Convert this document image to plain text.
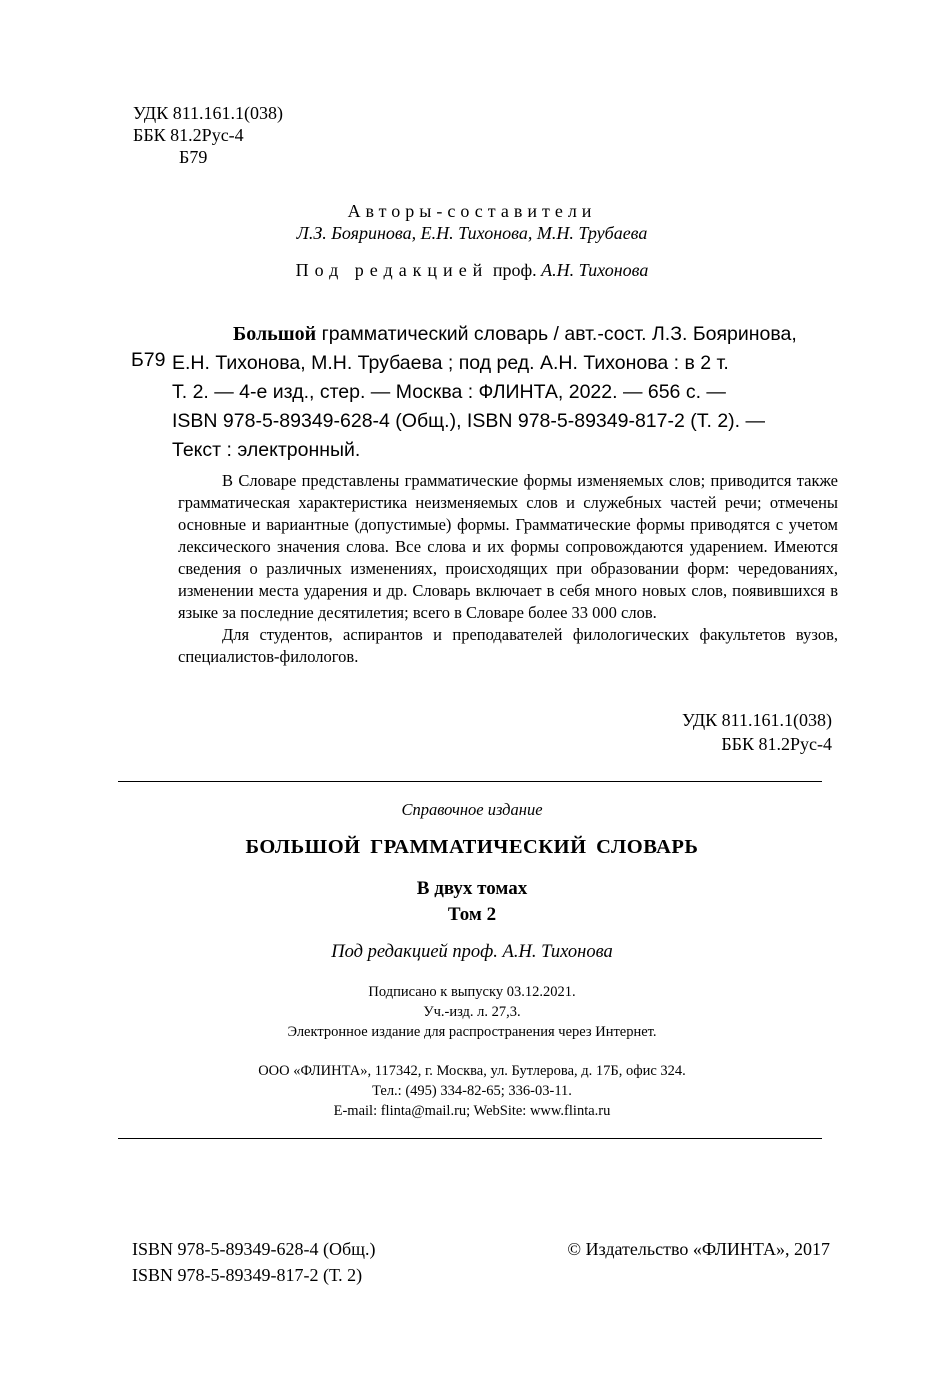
УДК 811.161.1(038)
ББК 81.2Рус-4
Б79
Авторы-составители
Л.З. Бояринова, Е.Н. Тихонова, М.Н. Трубаева
Под редакцией проф. А.Н. Тихонова
Б79
Большой грамматический словарь / авт.-сост. Л.З. Бояринова,
Е.Н. Тихонова, М.Н. Трубаева ; под ред. А.Н. Тихонова : в 2 т.
Т. 2. — 4-е изд., стер. — Москва : ФЛИНТА, 2022. — 656 с. —
ISBN 978-5-89349-628-4 (Общ.), ISBN 978-5-89349-817-2 (Т. 2). —
Текст : электронный.

В Словаре представлены грамматические формы изменяемых слов; приводится также грамматическая характеристика неизменяемых слов и служебных частей речи; отмечены основные и вариантные (допустимые) формы. Грамматические формы приводятся с учетом лексического значения слова. Все слова и их формы сопровождаются ударением. Имеются сведения о различных изменениях, происходящих при образовании форм: чередованиях, изменении места ударения и др. Словарь включает в себя много новых слов, появившихся в языке за последние десятилетия; всего в Словаре более 33 000 слов.

Для студентов, аспирантов и преподавателей филологических факультетов вузов, специалистов-филологов.

УДК 811.161.1(038)
ББК 81.2Рус-4
Справочное издание
БОЛЬШОЙ ГРАММАТИЧЕСКИЙ СЛОВАРЬ
В двух томах
Том 2
Под редакцией проф. А.Н. Тихонова
Подписано к выпуску 03.12.2021.
Уч.-изд. л. 27,3.
Электронное издание для распространения через Интернет.
ООО «ФЛИНТА», 117342, г. Москва, ул. Бутлерова, д. 17Б, офис 324.
Тел.: (495) 334-82-65; 336-03-11.
E-mail: flinta@mail.ru; WebSite: www.flinta.ru
ISBN 978-5-89349-628-4 (Общ.)
ISBN 978-5-89349-817-2 (Т. 2)
© Издательство «ФЛИНТА», 2017
